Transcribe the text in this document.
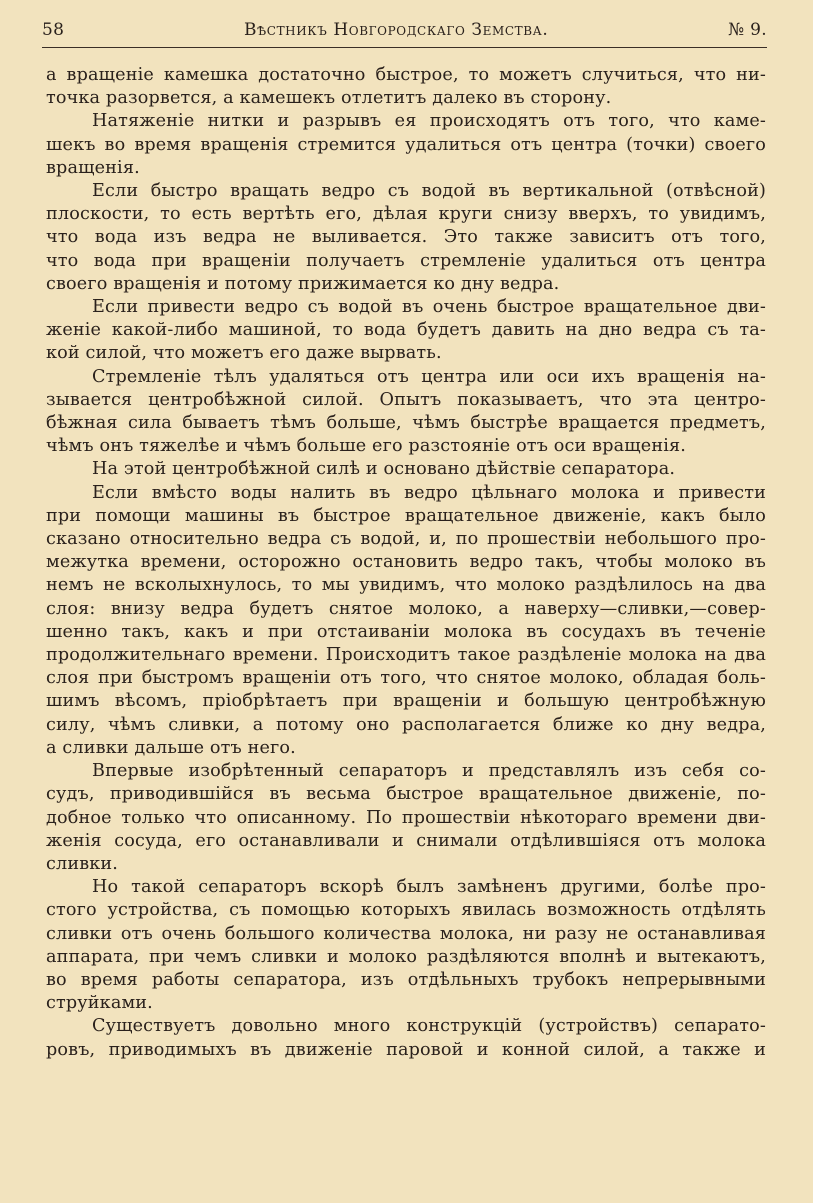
58	Вѣстникъ Новгородскаго Земства.	№ 9.

а вращеніе камешка достаточно быстрое, то можетъ случиться, что ни-

точка разорвется, а камешекъ отлетитъ далеко въ сторону.

Натяженіе нитки и разрывъ ея происходятъ отъ того, что каме-

шекъ во время вращенія стремится удалиться отъ центра (точки) своего

вращенія.

Если быстро вращать ведро съ водой въ вертикальной (отвѣсной)

плоскости, то есть вертѣть его, дѣлая круги снизу вверхъ, то увидимъ,

что вода изъ ведра не выливается. Это также зависитъ отъ того,

что вода при вращеніи получаетъ стремленіе удалиться отъ центра

своего вращенія и потому прижимается ко дну ведра.

Если привести ведро съ водой въ очень быстрое вращательное дви-

женіе какой-либо машиной, то вода будетъ давить на дно ведра съ та-

кой силой, что можетъ его даже вырвать.

Стремленіе тѣлъ удаляться отъ центра или оси ихъ вращенія на-

зывается центробѣжной силой. Опытъ показываетъ, что эта центро-

бѣжная сила бываетъ тѣмъ больше, чѣмъ быстрѣе вращается предметъ,

чѣмъ онъ тяжелѣе и чѣмъ больше его разстояніе отъ оси вращенія.

На этой центробѣжной силѣ и основано дѣйствіе сепаратора.

Если вмѣсто воды налить въ ведро цѣльнаго молока и привести

при помощи машины въ быстрое вращательное движеніе, какъ было

сказано относительно ведра съ водой, и, по прошествіи небольшого про-

межутка времени, осторожно остановить ведро такъ, чтобы молоко въ

немъ не всколыхнулось, то мы увидимъ, что молоко раздѣлилось на два

слоя: внизу ведра будетъ снятое молоко, а наверху—сливки,—совер-

шенно такъ, какъ и при отстаиваніи молока въ сосудахъ въ теченіе

продолжительнаго времени. Происходитъ такое раздѣленіе молока на два

слоя при быстромъ вращеніи отъ того, что снятое молоко, обладая боль-

шимъ вѣсомъ, пріобрѣтаетъ при вращеніи и большую центробѣжную

силу, чѣмъ сливки, а потому оно располагается ближе ко дну ведра,

а сливки дальше отъ него.

Впервые изобрѣтенный сепараторъ и представлялъ изъ себя со-

судъ, приводившійся въ весьма быстрое вращательное движеніе, по-

добное только что описанному. По прошествіи нѣкотораго времени дви-

женія сосуда, его останавливали и снимали отдѣлившіяся отъ молока

сливки.

Но такой сепараторъ вскорѣ былъ замѣненъ другими, болѣе про-

стого устройства, съ помощью которыхъ явилась возможность отдѣлять

сливки отъ очень большого количества молока, ни разу не останавливая

аппарата, при чемъ сливки и молоко раздѣляются вполнѣ и вытекаютъ,

во время работы сепаратора, изъ отдѣльныхъ трубокъ непрерывными

струйками.

Существуетъ довольно много конструкцій (устройствъ) сепарато-

ровъ, приводимыхъ въ движеніе паровой и конной силой, а также и
